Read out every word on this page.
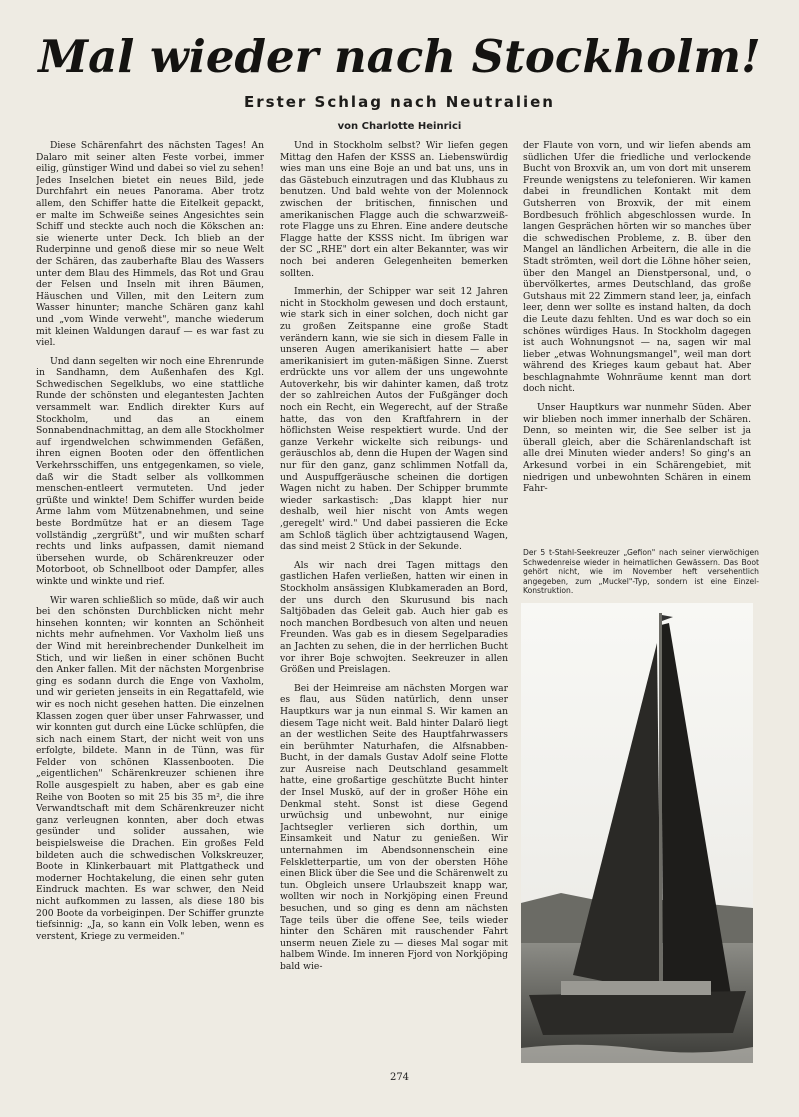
Mal wieder nach Stockholm!
Erster Schlag nach Neutralien
von Charlotte Heinrici

Diese Schärenfahrt des nächsten Tages! An Dalaro mit seiner alten Feste vorbei, immer eilig, günstiger Wind und dabei so viel zu sehen! Jedes Inselchen bietet ein neues Bild, jede Durchfahrt ein neues Panorama. Aber trotz allem, den Schiffer hatte die Eitelkeit gepackt, er malte im Schweiße seines Angesichtes sein Schiff und steckte auch noch die Kökschen an: sie wienerte unter Deck. Ich blieb an der Ruderpinne und genoß diese mir so neue Welt der Schären, das zauberhafte Blau des Wassers unter dem Blau des Himmels, das Rot und Grau der Felsen und Inseln mit ihren Bäumen, Häuschen und Villen, mit den Leitern zum Wasser hinunter; manche Schären ganz kahl und „vom Winde verweht", manche wiederum mit kleinen Waldungen darauf — es war fast zu viel.

Und dann segelten wir noch eine Ehrenrunde in Sandhamn, dem Außenhafen des Kgl. Schwedischen Segelklubs, wo eine stattliche Runde der schönsten und elegantesten Jachten versammelt war. Endlich direkter Kurs auf Stockholm, und das an einem Sonnabendnachmittag, an dem alle Stockholmer auf irgendwelchen schwimmenden Gefäßen, ihren eignen Booten oder den öffentlichen Verkehrsschiffen, uns entgegenkamen, so viele, daß wir die Stadt selber als vollkommen menschen-entleert vermuteten. Und jeder grüßte und winkte! Dem Schiffer wurden beide Arme lahm vom Mützenabnehmen, und seine beste Bordmütze hat er an diesem Tage vollständig „zergrüßt", und wir mußten scharf rechts und links aufpassen, damit niemand übersehen wurde, ob Schärenkreuzer oder Motorboot, ob Schnellboot oder Dampfer, alles winkte und winkte und rief.

Wir waren schließlich so müde, daß wir auch bei den schönsten Durchblicken nicht mehr hinsehen konnten; wir konnten an Schönheit nichts mehr aufnehmen. Vor Vaxholm ließ uns der Wind mit hereinbrechender Dunkelheit im Stich, und wir ließen in einer schönen Bucht den Anker fallen. Mit der nächsten Morgenbrise ging es sodann durch die Enge von Vaxholm, und wir gerieten jenseits in ein Regattafeld, wie wir es noch nicht gesehen hatten. Die einzelnen Klassen zogen quer über unser Fahrwasser, und wir konnten gut durch eine Lücke schlüpfen, die sich nach einem Start, der nicht weit von uns erfolgte, bildete. Mann in de Tünn, was für Felder von schönen Klassenbooten. Die „eigentlichen" Schärenkreuzer schienen ihre Rolle ausgespielt zu haben, aber es gab eine Reihe von Booten so mit 25 bis 35 m², die ihre Verwandtschaft mit dem Schärenkreuzer nicht ganz verleugnen konnten, aber doch etwas gesünder und solider aussahen, wie beispielsweise die Drachen. Ein großes Feld bildeten auch die schwedischen Volkskreuzer, Boote in Klinkerbauart mit Plattgatheck und moderner Hochtakelung, die einen sehr guten Eindruck machten. Es war schwer, den Neid nicht aufkommen zu lassen, als diese 180 bis 200 Boote da vorbeiginpen. Der Schiffer grunzte tiefsinnig: „Ja, so kann ein Volk leben, wenn es verstent, Kriege zu vermeiden."

Und in Stockholm selbst? Wir liefen gegen Mittag den Hafen der KSSS an. Liebenswürdig wies man uns eine Boje an und bat uns, uns in das Gästebuch einzutragen und das Klubhaus zu benutzen. Und bald wehte von der Molennock zwischen der britischen, finnischen und amerikanischen Flagge auch die schwarzweiß-rote Flagge uns zu Ehren. Eine andere deutsche Flagge hatte der KSSS nicht. Im übrigen war der SC „RHE" dort ein alter Bekannter, was wir noch bei anderen Gelegenheiten bemerken sollten.

Immerhin, der Schipper war seit 12 Jahren nicht in Stockholm gewesen und doch erstaunt, wie stark sich in einer solchen, doch nicht gar zu großen Zeitspanne eine große Stadt verändern kann, wie sie sich in diesem Falle in unseren Augen amerikanisiert hatte — aber amerikanisiert im guten-mäßigen Sinne. Zuerst erdrückte uns vor allem der uns ungewohnte Autoverkehr, bis wir dahinter kamen, daß trotz der so zahlreichen Autos der Fußgänger doch noch ein Recht, ein Wegerecht, auf der Straße hatte, das von den Kraftfahrern in der höflichsten Weise respektiert wurde. Und der ganze Verkehr wickelte sich reibungs- und geräuschlos ab, denn die Hupen der Wagen sind nur für den ganz, ganz schlimmen Notfall da, und Auspuffgeräusche scheinen die dortigen Wagen nicht zu haben. Der Schipper brummte wieder sarkastisch: „Das klappt hier nur deshalb, weil hier nischt von Amts wegen ‚geregelt' wird." Und dabei passieren die Ecke am Schloß täglich über achtzigtausend Wagen, das sind meist 2 Stück in der Sekunde.

Als wir nach drei Tagen mittags den gastlichen Hafen verließen, hatten wir einen in Stockholm ansässigen Klubkameraden an Bord, der uns durch den Skurusund bis nach Saltjöbaden das Geleit gab. Auch hier gab es noch manchen Bordbesuch von alten und neuen Freunden. Was gab es in diesem Segelparadies an Jachten zu sehen, die in der herrlichen Bucht vor ihrer Boje schwojten. Seekreuzer in allen Größen und Preislagen.

Bei der Heimreise am nächsten Morgen war es flau, aus Süden natürlich, denn unser Hauptkurs war ja nun einmal S. Wir kamen an diesem Tage nicht weit. Bald hinter Dalarö liegt an der westlichen Seite des Hauptfahrwassers ein berühmter Naturhafen, die Alfsnabben-Bucht, in der damals Gustav Adolf seine Flotte zur Ausreise nach Deutschland gesammelt hatte, eine großartige geschützte Bucht hinter der Insel Muskö, auf der in großer Höhe ein Denkmal steht. Sonst ist diese Gegend urwüchsig und unbewohnt, nur einige Jachtsegler verlieren sich dorthin, um Einsamkeit und Natur zu genießen. Wir unternahmen im Abendsonnenschein eine Felskletterpartie, um von der obersten Höhe einen Blick über die See und die Schärenwelt zu tun. Obgleich unsere Urlaubszeit knapp war, wollten wir noch in Norkjöping einen Freund besuchen, und so ging es denn am nächsten Tage teils über die offene See, teils wieder hinter den Schären mit rauschender Fahrt unserm neuen Ziele zu — dieses Mal sogar mit halbem Winde. Im inneren Fjord von Norkjöping bald wie-

der Flaute von vorn, und wir liefen abends am südlichen Ufer die friedliche und verlockende Bucht von Broxvik an, um von dort mit unserem Freunde wenigstens zu telefonieren. Wir kamen dabei in freundlichen Kontakt mit dem Gutsherren von Broxvik, der mit einem Bordbesuch fröhlich abgeschlossen wurde. In langen Gesprächen hörten wir so manches über die schwedischen Probleme, z. B. über den Mangel an ländlichen Arbeitern, die alle in die Stadt strömten, weil dort die Löhne höher seien, über den Mangel an Dienstpersonal, und, o übervölkertes, armes Deutschland, das große Gutshaus mit 22 Zimmern stand leer, ja, einfach leer, denn wer sollte es instand halten, da doch die Leute dazu fehlten. Und es war doch so ein schönes würdiges Haus. In Stockholm dagegen ist auch Wohnungsnot — na, sagen wir mal lieber „etwas Wohnungsmangel", weil man dort während des Krieges kaum gebaut hat. Aber beschlagnahmte Wohnräume kennt man dort doch nicht.

Unser Hauptkurs war nunmehr Süden. Aber wir blieben noch immer innerhalb der Schären. Denn, so meinten wir, die See selber ist ja überall gleich, aber die Schärenlandschaft ist alle drei Minuten wieder anders! So ging's an Arkesund vorbei in ein Schärengebiet, mit niedrigen und unbewohnten Schären in einem Fahr-

Der 5 t-Stahl-Seekreuzer „Gefion" nach seiner vierwöchigen Schwedenreise wieder in heimatlichen Gewässern. Das Boot gehört nicht, wie im November heft versehentlich angegeben, zum „Muckel"-Typ, sondern ist eine Einzel-Konstruktion.
274
